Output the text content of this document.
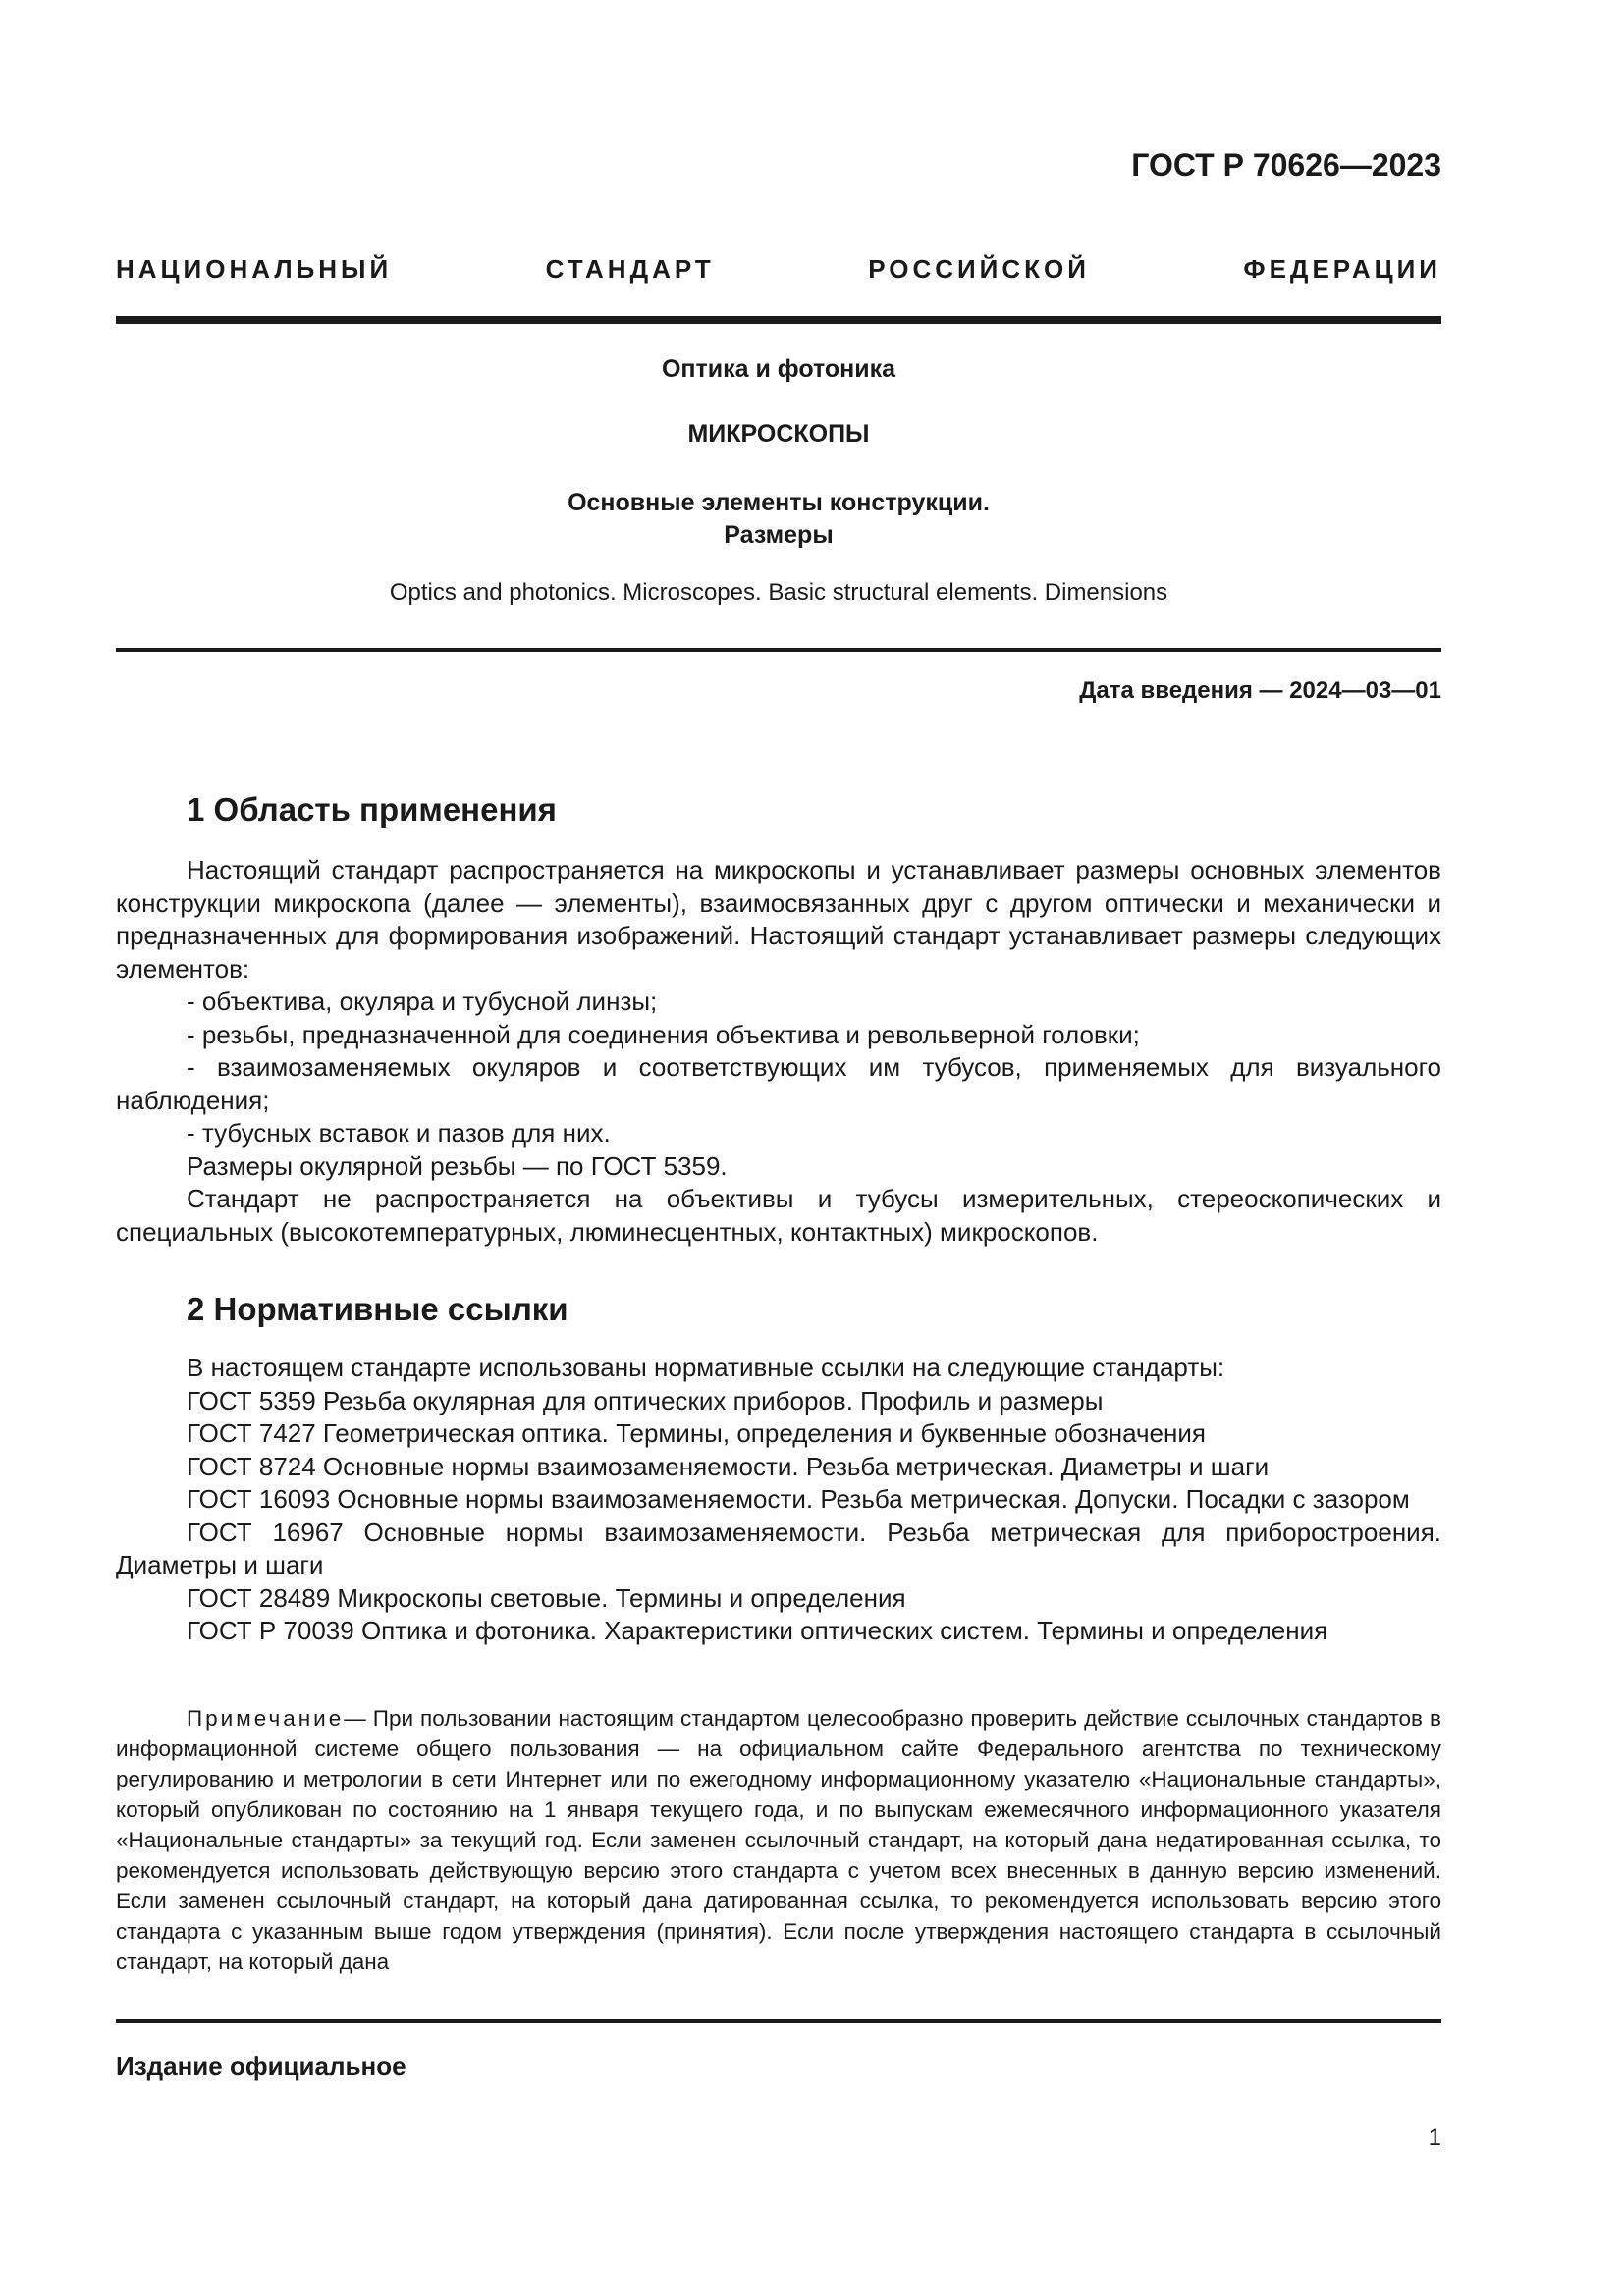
ГОСТ Р 70626—2023
НАЦИОНАЛЬНЫЙ СТАНДАРТ РОССИЙСКОЙ ФЕДЕРАЦИИ
Оптика и фотоника
МИКРОСКОПЫ
Основные элементы конструкции.
Размеры
Optics and photonics. Microscopes. Basic structural elements. Dimensions
Дата введения — 2024—03—01
1 Область применения

Настоящий стандарт распространяется на микроскопы и устанавливает размеры основных элементов конструкции микроскопа (далее — элементы), взаимосвязанных друг с другом оптически и механически и предназначенных для формирования изображений. Настоящий стандарт устанавливает размеры следующих элементов:

- объектива, окуляра и тубусной линзы;

- резьбы, предназначенной для соединения объектива и револьверной головки;

- взаимозаменяемых окуляров и соответствующих им тубусов, применяемых для визуального наблюдения;

- тубусных вставок и пазов для них.

Размеры окулярной резьбы — по ГОСТ 5359.

Стандарт не распространяется на объективы и тубусы измерительных, стереоскопических и специальных (высокотемпературных, люминесцентных, контактных) микроскопов.

2 Нормативные ссылки

В настоящем стандарте использованы нормативные ссылки на следующие стандарты:

ГОСТ 5359 Резьба окулярная для оптических приборов. Профиль и размеры

ГОСТ 7427 Геометрическая оптика. Термины, определения и буквенные обозначения

ГОСТ 8724 Основные нормы взаимозаменяемости. Резьба метрическая. Диаметры и шаги

ГОСТ 16093 Основные нормы взаимозаменяемости. Резьба метрическая. Допуски. Посадки с зазором

ГОСТ 16967 Основные нормы взаимозаменяемости. Резьба метрическая для приборостроения. Диаметры и шаги

ГОСТ 28489 Микроскопы световые. Термины и определения

ГОСТ Р 70039 Оптика и фотоника. Характеристики оптических систем. Термины и определения

Примечание— При пользовании настоящим стандартом целесообразно проверить действие ссылочных стандартов в информационной системе общего пользования — на официальном сайте Федерального агентства по техническому регулированию и метрологии в сети Интернет или по ежегодному информационному указателю «Национальные стандарты», который опубликован по состоянию на 1 января текущего года, и по выпускам ежемесячного информационного указателя «Национальные стандарты» за текущий год. Если заменен ссылочный стандарт, на который дана недатированная ссылка, то рекомендуется использовать действующую версию этого стандарта с учетом всех внесенных в данную версию изменений. Если заменен ссылочный стандарт, на который дана датированная ссылка, то рекомендуется использовать версию этого стандарта с указанным выше годом утверждения (принятия). Если после утверждения настоящего стандарта в ссылочный стандарт, на который дана
Издание официальное
1
